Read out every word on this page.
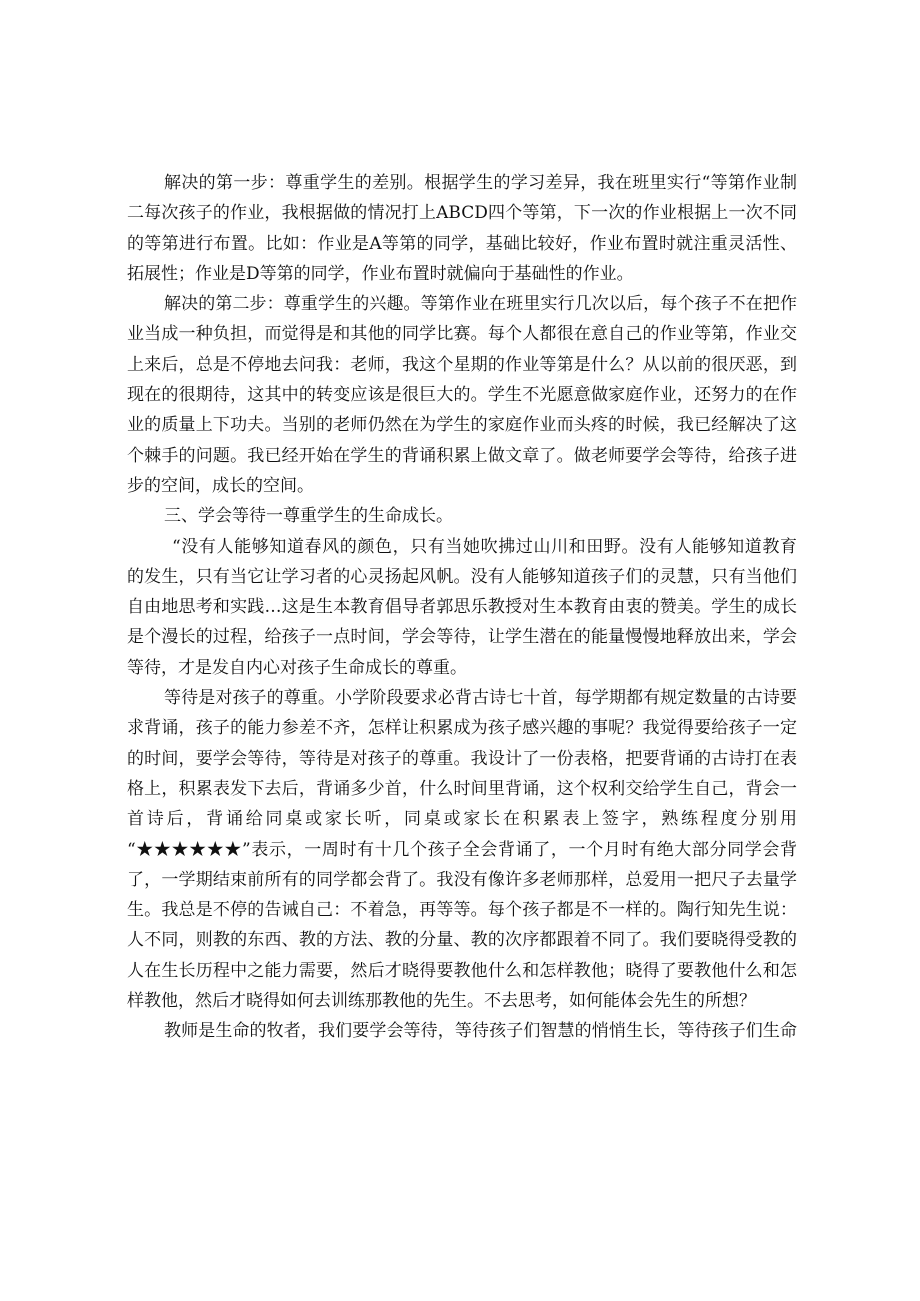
解决的第一步：尊重学生的差别。根据学生的学习差异，我在班里实行“等第作业制
二每次孩子的作业，我根据做的情况打上ABCD四个等第，下一次的作业根据上一次不同
的等第进行布置。比如：作业是A等第的同学，基础比较好，作业布置时就注重灵活性、
拓展性；作业是D等第的同学，作业布置时就偏向于基础性的作业。

解决的第二步：尊重学生的兴趣。等第作业在班里实行几次以后，每个孩子不在把作
业当成一种负担，而觉得是和其他的同学比赛。每个人都很在意自己的作业等第，作业交
上来后，总是不停地去问我：老师，我这个星期的作业等第是什么？从以前的很厌恶，到
现在的很期待，这其中的转变应该是很巨大的。学生不光愿意做家庭作业，还努力的在作
业的质量上下功夫。当别的老师仍然在为学生的家庭作业而头疼的时候，我已经解决了这
个棘手的问题。我已经开始在学生的背诵积累上做文章了。做老师要学会等待，给孩子进
步的空间，成长的空间。

三、学会等待一尊重学生的生命成长。

“没有人能够知道春风的颜色，只有当她吹拂过山川和田野。没有人能够知道教育
的发生，只有当它让学习者的心灵扬起风帆。没有人能够知道孩子们的灵慧，只有当他们
自由地思考和实践…这是生本教育倡导者郭思乐教授对生本教育由衷的赞美。学生的成长
是个漫长的过程，给孩子一点时间，学会等待，让学生潜在的能量慢慢地释放出来，学会
等待，才是发自内心对孩子生命成长的尊重。

等待是对孩子的尊重。小学阶段要求必背古诗七十首，每学期都有规定数量的古诗要
求背诵，孩子的能力参差不齐，怎样让积累成为孩子感兴趣的事呢？我觉得要给孩子一定
的时间，要学会等待，等待是对孩子的尊重。我设计了一份表格，把要背诵的古诗打在表
格上，积累表发下去后，背诵多少首，什么时间里背诵，这个权利交给学生自己，背会一
首诗后，背诵给同桌或家长听，同桌或家长在积累表上签字，熟练程度分别用
“★★★★★★”表示，一周时有十几个孩子全会背诵了，一个月时有绝大部分同学会背
了，一学期结束前所有的同学都会背了。我没有像许多老师那样，总爱用一把尺子去量学
生。我总是不停的告诫自己：不着急，再等等。每个孩子都是不一样的。陶行知先生说：
人不同，则教的东西、教的方法、教的分量、教的次序都跟着不同了。我们要晓得受教的
人在生长历程中之能力需要，然后才晓得要教他什么和怎样教他；晓得了要教他什么和怎
样教他，然后才晓得如何去训练那教他的先生。不去思考，如何能体会先生的所想？

教师是生命的牧者，我们要学会等待，等待孩子们智慧的悄悄生长，等待孩子们生命
